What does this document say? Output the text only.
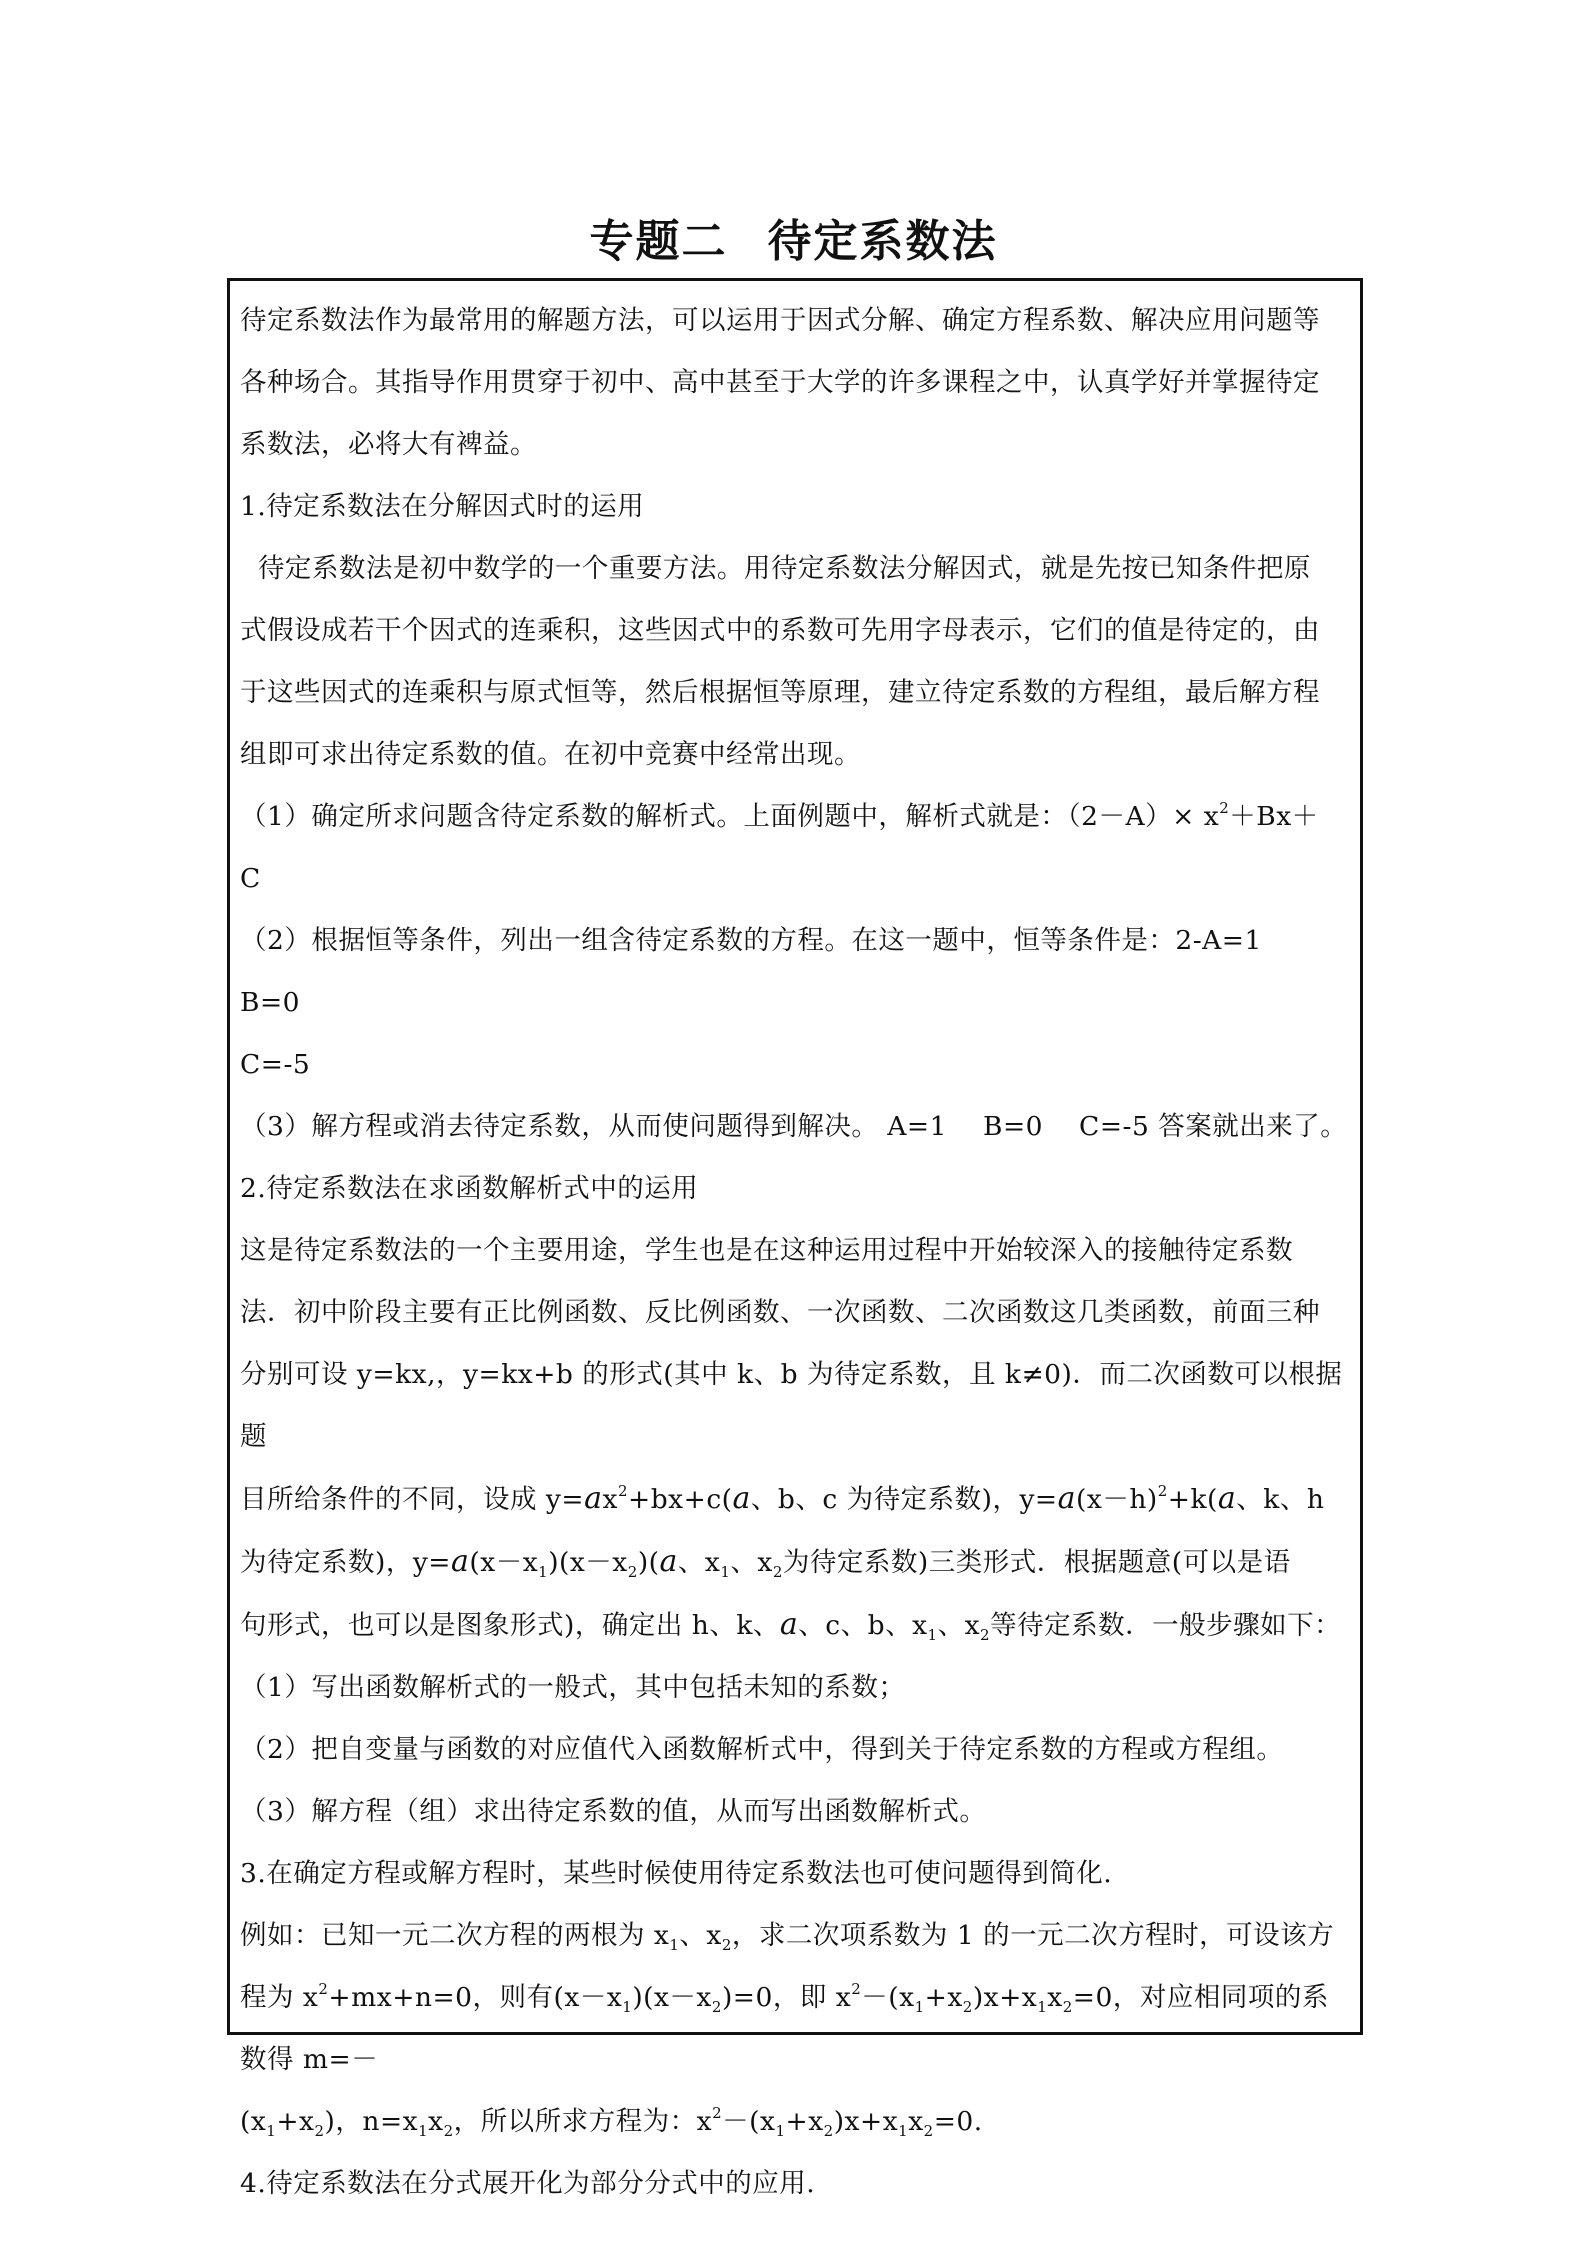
专题二 待定系数法

待定系数法作为最常用的解题方法，可以运用于因式分解、确定方程系数、解决应用问题等

各种场合。其指导作用贯穿于初中、高中甚至于大学的许多课程之中，认真学好并掌握待定

系数法，必将大有裨益。

1.待定系数法在分解因式时的运用

待定系数法是初中数学的一个重要方法。用待定系数法分解因式，就是先按已知条件把原

式假设成若干个因式的连乘积，这些因式中的系数可先用字母表示，它们的值是待定的，由

于这些因式的连乘积与原式恒等，然后根据恒等原理，建立待定系数的方程组，最后解方程

组即可求出待定系数的值。在初中竞赛中经常出现。

（1）确定所求问题含待定系数的解析式。上面例题中，解析式就是：$(2-A)\times x^2+Bx+$

C

（2）根据恒等条件，列出一组含待定系数的方程。在这一题中，恒等条件是：2-A=1B=0

C=-5

（3）解方程或消去待定系数，从而使问题得到解决。 A=1 B=0 C=-5 答案就出来了。

2.待定系数法在求函数解析式中的运用

这是待定系数法的一个主要用途，学生也是在这种运用过程中开始较深入的接触待定系数

法．初中阶段主要有正比例函数、反比例函数、一次函数、二次函数这几类函数，前面三种

分别可设 y=kx,，y=kx+b 的形式(其中 k、b 为待定系数，且 k≠0)．而二次函数可以根据题

目所给条件的不同，设成 $y=ax^2+bx+c(a$、b、c 为待定系数)，$y=a(x-h)^2+k(a$、k、h

为待定系数)，$y=a(x-x_1)(x-x_2)(a$、$x_1$、$x_2$为待定系数)三类形式．根据题意(可以是语

句形式，也可以是图象形式)，确定出 h、k、a、c、b、$x_1$、$x_2$等待定系数．一般步骤如下：

（1）写出函数解析式的一般式，其中包括未知的系数；

（2）把自变量与函数的对应值代入函数解析式中，得到关于待定系数的方程或方程组。

（3）解方程（组）求出待定系数的值，从而写出函数解析式。

3.在确定方程或解方程时，某些时候使用待定系数法也可使问题得到简化.

例如：已知一元二次方程的两根为 $x_1$、$x_2$，求二次项系数为 1 的一元二次方程时，可设该方

程为 $x^2+mx+n=0$，则有$(x-x_1)(x-x_2)=0$，即 $x^2-(x_1+x_2)x+x_1x_2=0$，对应相同项的系数得 m=－

$(x_1+x_2)$，$n=x_1x_2$，所以所求方程为：$x^2-(x_1+x_2)x+x_1x_2=0$.

4.待定系数法在分式展开化为部分分式中的应用.
